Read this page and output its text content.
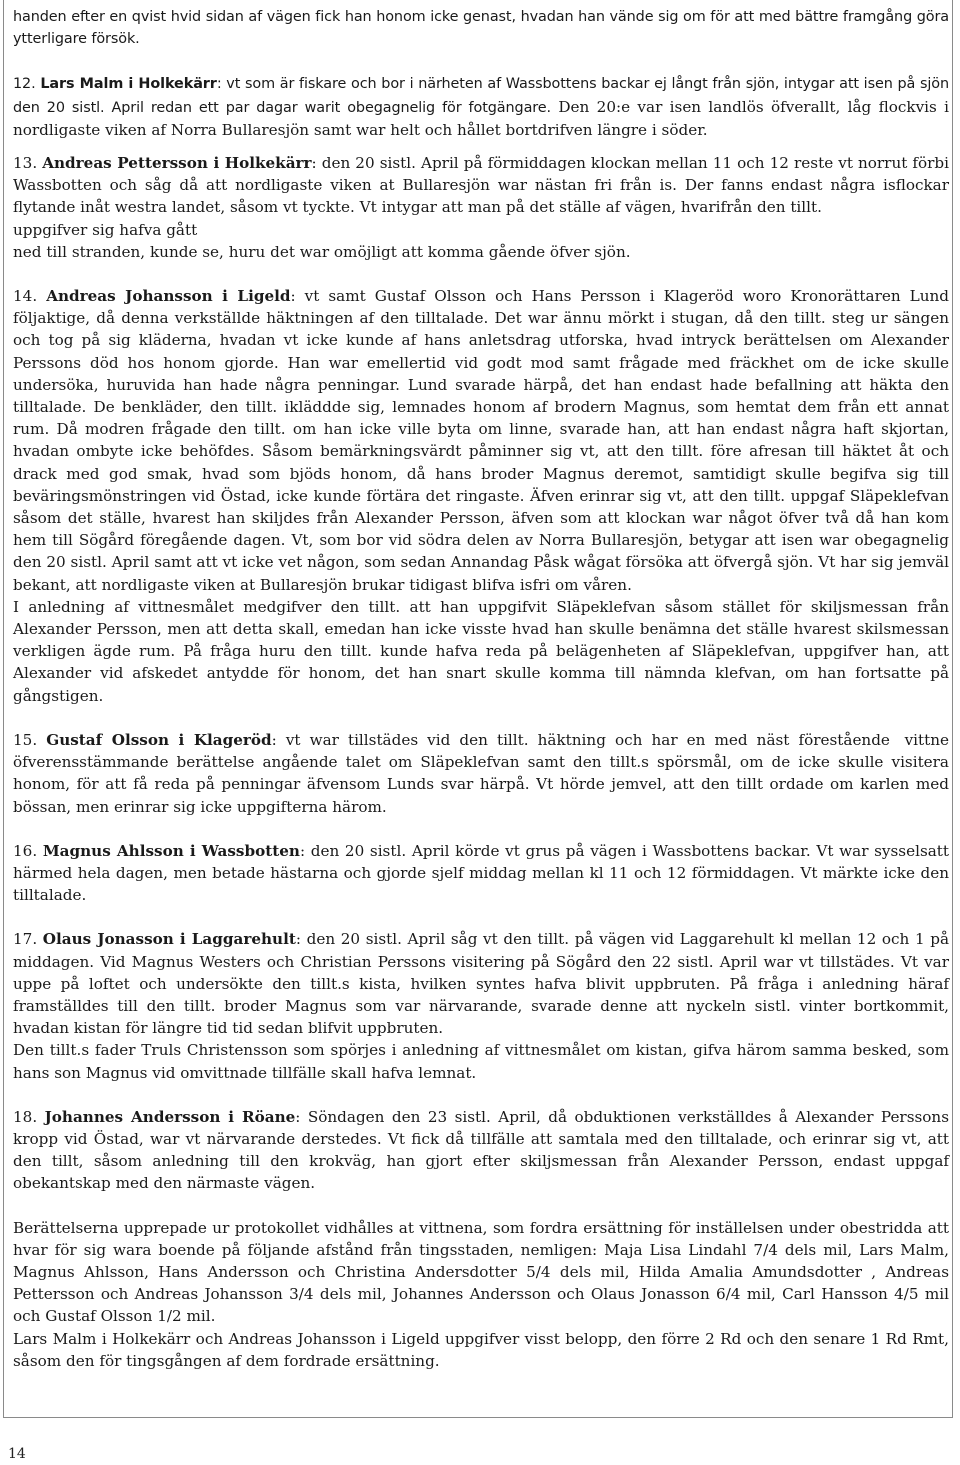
handen efter en qvist hvid sidan af vägen fick han honom icke genast, hvadan han vände sig om för att med bättre framgång göra ytterligare försök.

12. Lars Malm i Holkekärr: vt som är fiskare och bor i närheten af Wassbottens backar ej långt från sjön, intygar att isen på sjön den 20 sistl. April redan ett par dagar warit obegagnelig för fotgängare. Den 20:e var isen landlös öfverallt, låg flockvis i nordligaste viken af Norra Bullaresjön samt war helt och hållet bortdrifven längre i söder.

13. Andreas Pettersson i Holkekärr: den 20 sistl. April på förmiddagen klockan mellan 11 och 12 reste vt norrut förbi Wassbotten och såg då att nordligaste viken at Bullaresjön war nästan fri från is. Der fanns endast några isflockar flytande inåt westra landet, såsom vt tyckte. Vt intygar att man på det ställe af vägen, hvarifrån den tillt.

uppgifver sig hafva gått

ned till stranden, kunde se, huru det war omöjligt att komma gående öfver sjön.

14. Andreas Johansson i Ligeld: vt samt Gustaf Olsson och Hans Persson i Klageröd woro Kronorättaren Lund följaktige, då denna verkställde häktningen af den tilltalade. Det war ännu mörkt i stugan, då den tillt. steg ur sängen och tog på sig kläderna, hvadan vt icke kunde af hans anletsdrag utforska, hvad intryck berättelsen om Alexander Perssons död hos honom gjorde. Han war emellertid vid godt mod samt frågade med fräckhet om de icke skulle undersöka, huruvida han hade några penningar. Lund svarade härpå, det han endast hade befallning att häkta den tilltalade. De benkläder, den tillt. ikläddde sig, lemnades honom af brodern Magnus, som hemtat dem från ett annat rum. Då modren frågade den tillt. om han icke ville byta om linne, svarade han, att han endast några haft skjortan, hvadan ombyte icke behöfdes. Såsom bemärkningsvärdt påminner sig vt, att den tillt. före afresan till häktet åt och drack med god smak, hvad som bjöds honom, då hans broder Magnus deremot, samtidigt skulle begifva sig till beväringsmönstringen vid Östad, icke kunde förtära det ringaste. Äfven erinrar sig vt, att den tillt. uppgaf Släpeklefvan såsom det ställe, hvarest han skiljdes från Alexander Persson, äfven som att klockan war något öfver två då han kom hem till Sögård föregående dagen. Vt, som bor vid södra delen av Norra Bullaresjön, betygar att isen war obegagnelig den 20 sistl. April samt att vt icke vet någon, som sedan Annandag Påsk wågat försöka att öfvergå sjön. Vt har sig jemväl bekant, att nordligaste viken at Bullaresjön brukar tidigast blifva isfri om våren.

I anledning af vittnesmålet medgifver den tillt. att han uppgifvit Släpeklefvan såsom stället för skiljsmessan från Alexander Persson, men att detta skall, emedan han icke visste hvad han skulle benämna det ställe hvarest skilsmessan verkligen ägde rum. På fråga huru den tillt. kunde hafva reda på belägenheten af Släpeklefvan, uppgifver han, att Alexander vid afskedet antydde för honom, det han snart skulle komma till nämnda klefvan, om han fortsatte på gångstigen.

15. Gustaf Olsson i Klageröd: vt war tillstädes vid den tillt. häktning och har en med näst föreståendeᅟvittne öfverensstämmande berättelse angående talet om Släpeklefvan samt den tillt.s spörsmål, om de icke skulle visitera honom, för att få reda på penningar äfvensom Lunds svar härpå. Vt hörde jemvel, att den tillt ordade om karlen med bössan, men erinrar sig icke uppgifterna härom.

16. Magnus Ahlsson i Wassbotten: den 20 sistl. April körde vt grus på vägen i Wassbottens backar. Vt war sysselsatt härmed hela dagen, men betade hästarna och gjorde sjelf middag mellan kl 11 och 12 förmiddagen. Vt märkte icke den tilltalade.

17. Olaus Jonasson i Laggarehult: den 20 sistl. April såg vt den tillt. på vägen vid Laggarehult kl mellan 12 och 1 på middagen. Vid Magnus Westers och Christian Perssons visitering på Sögård den 22 sistl. April war vt tillstädes. Vt var uppe på loftet och undersökte den tillt.s kista, hvilken syntes hafva blivit uppbruten. På fråga i anledning häraf framställdes till den tillt. broder Magnus som var närvarande, svarade denne att nyckeln sistl. vinter bortkommit, hvadan kistan för längre tid tid sedan blifvit uppbruten.

Den tillt.s fader Truls Christensson som spörjes i anledning af vittnesmålet om kistan, gifva härom samma besked, som hans son Magnus vid omvittnade tillfälle skall hafva lemnat.

18. Johannes Andersson i Röane: Söndagen den 23 sistl. April, då obduktionen verkställdes å Alexander Perssons kropp vid Östad, war vt närvarande derstedes. Vt fick då tillfälle att samtala med den tilltalade, och erinrar sig vt, att den tillt, såsom anledning till den krokväg, han gjort efter skiljsmessan från Alexander Persson, endast uppgaf obekantskap med den närmaste vägen.

Berättelserna upprepade ur protokollet vidhålles at vittnena, som fordra ersättning för inställelsen under obestridda att hvar för sig wara boende på följande afstånd från tingsstaden, nemligen: Maja Lisa Lindahl 7/4 dels mil, Lars Malm, Magnus Ahlsson, Hans Andersson och Christina Andersdotter 5/4 dels mil, Hilda Amalia Amundsdotter , Andreas Pettersson och Andreas Johansson 3/4 dels mil, Johannes Andersson och Olaus Jonasson 6/4 mil, Carl Hansson 4/5 mil och Gustaf Olsson 1/2 mil.

Lars Malm i Holkekärr och Andreas Johansson i Ligeld uppgifver visst belopp, den förre 2 Rd och den senare 1 Rd Rmt, såsom den för tingsgången af dem fordrade ersättning.

14
